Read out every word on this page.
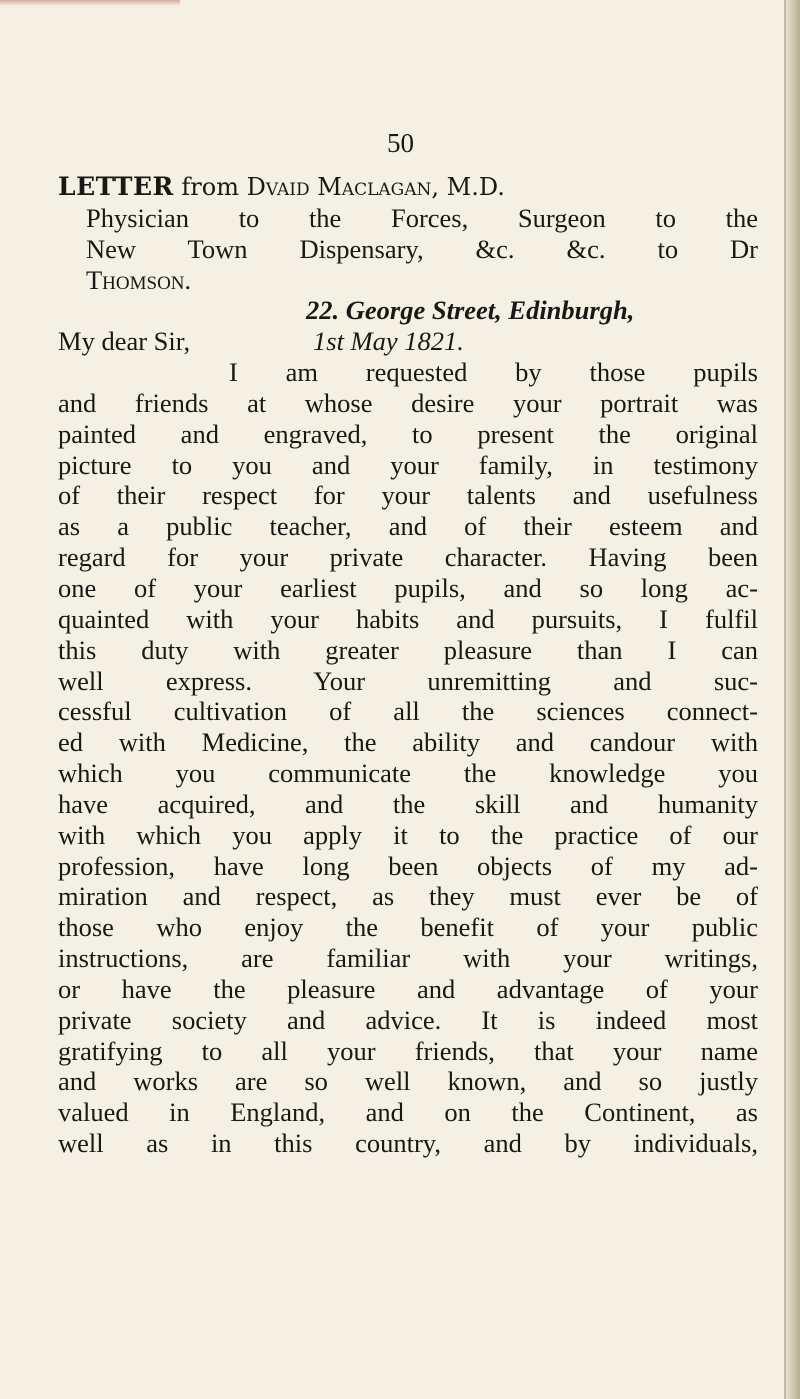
50
LETTER from Dvaid Maclagan, M.D.
Physician to the Forces, Surgeon to the
New Town Dispensary, &c. &c. to Dr
Thomson.
22. George Street, Edinburgh,
My dear Sir,	1st May 1821.
I am requested by those pupils
and friends at whose desire your portrait was
painted and engraved, to present the original
picture to you and your family, in testimony
of their respect for your talents and usefulness
as a public teacher, and of their esteem and
regard for your private character. Having been
one of your earliest pupils, and so long ac-
quainted with your habits and pursuits, I fulfil
this duty with greater pleasure than I can
well express. Your unremitting and suc-
cessful cultivation of all the sciences connect-
ed with Medicine, the ability and candour with
which you communicate the knowledge you
have acquired, and the skill and humanity
with which you apply it to the practice of our
profession, have long been objects of my ad-
miration and respect, as they must ever be of
those who enjoy the benefit of your public
instructions, are familiar with your writings,
or have the pleasure and advantage of your
private society and advice. It is indeed most
gratifying to all your friends, that your name
and works are so well known, and so justly
valued in England, and on the Continent, as
well as in this country, and by individuals,
